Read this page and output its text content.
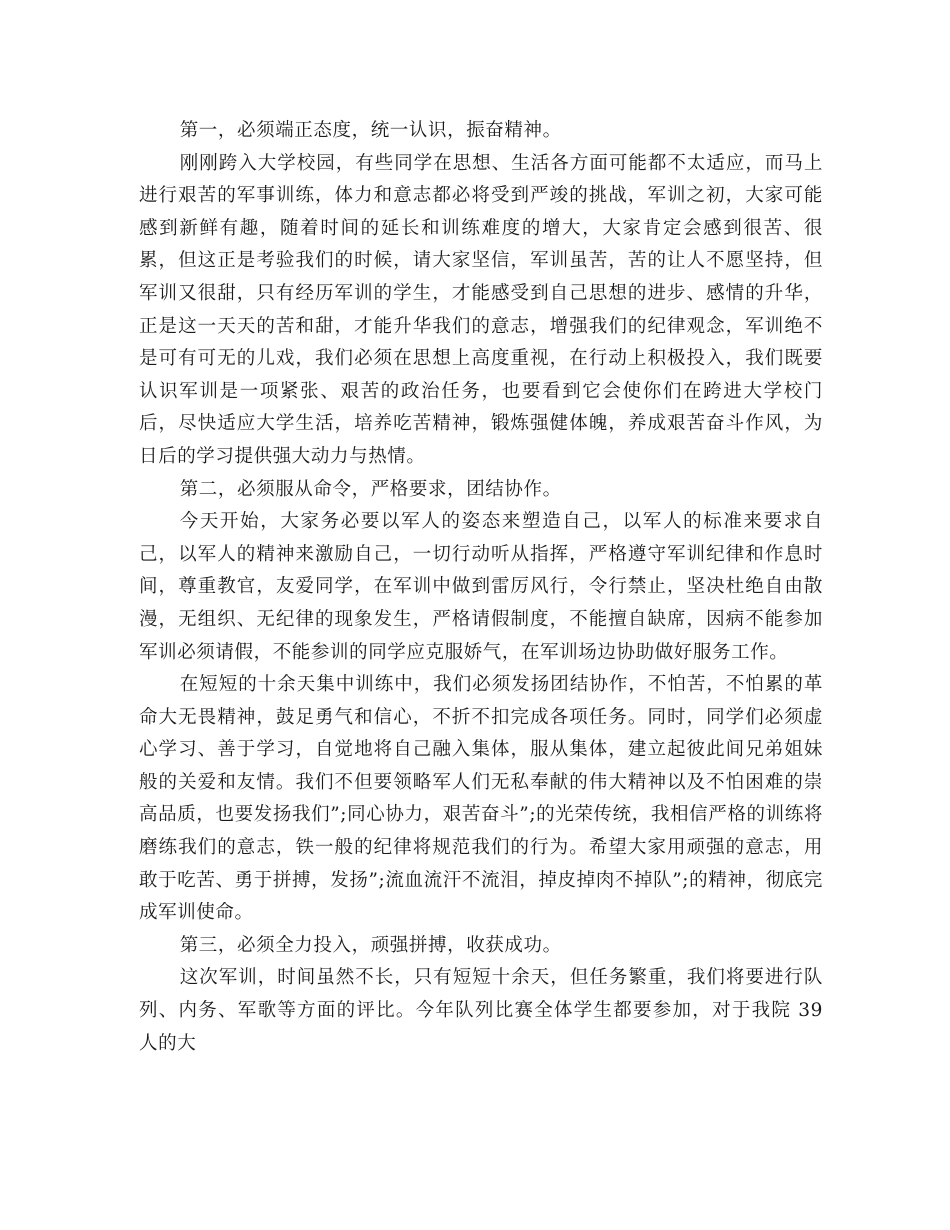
第一，必须端正态度，统一认识，振奋精神。

刚刚跨入大学校园，有些同学在思想、生活各方面可能都不太适应，而马上进行艰苦的军事训练，体力和意志都必将受到严竣的挑战，军训之初，大家可能感到新鲜有趣，随着时间的延长和训练难度的增大，大家肯定会感到很苦、很累，但这正是考验我们的时候，请大家坚信，军训虽苦，苦的让人不愿坚持，但军训又很甜，只有经历军训的学生，才能感受到自己思想的进步、感情的升华，正是这一天天的苦和甜，才能升华我们的意志，增强我们的纪律观念，军训绝不是可有可无的儿戏，我们必须在思想上高度重视，在行动上积极投入，我们既要认识军训是一项紧张、艰苦的政治任务，也要看到它会使你们在跨进大学校门后，尽快适应大学生活，培养吃苦精神，锻炼强健体魄，养成艰苦奋斗作风，为日后的学习提供强大动力与热情。

第二，必须服从命令，严格要求，团结协作。

今天开始，大家务必要以军人的姿态来塑造自己，以军人的标准来要求自己，以军人的精神来激励自己，一切行动听从指挥，严格遵守军训纪律和作息时间，尊重教官，友爱同学，在军训中做到雷厉风行，令行禁止，坚决杜绝自由散漫，无组织、无纪律的现象发生，严格请假制度，不能擅自缺席，因病不能参加军训必须请假，不能参训的同学应克服娇气，在军训场边协助做好服务工作。

在短短的十余天集中训练中，我们必须发扬团结协作，不怕苦，不怕累的革命大无畏精神，鼓足勇气和信心，不折不扣完成各项任务。同时，同学们必须虚心学习、善于学习，自觉地将自己融入集体，服从集体，建立起彼此间兄弟姐妹般的关爱和友情。我们不但要领略军人们无私奉献的伟大精神以及不怕困难的崇高品质，也要发扬我们”;同心协力，艰苦奋斗”;的光荣传统，我相信严格的训练将磨练我们的意志，铁一般的纪律将规范我们的行为。希望大家用顽强的意志，用敢于吃苦、勇于拼搏，发扬”;流血流汗不流泪，掉皮掉肉不掉队”;的精神，彻底完成军训使命。

第三，必须全力投入，顽强拼搏，收获成功。

这次军训，时间虽然不长，只有短短十余天，但任务繁重，我们将要进行队列、内务、军歌等方面的评比。今年队列比赛全体学生都要参加，对于我院 39 人的大
